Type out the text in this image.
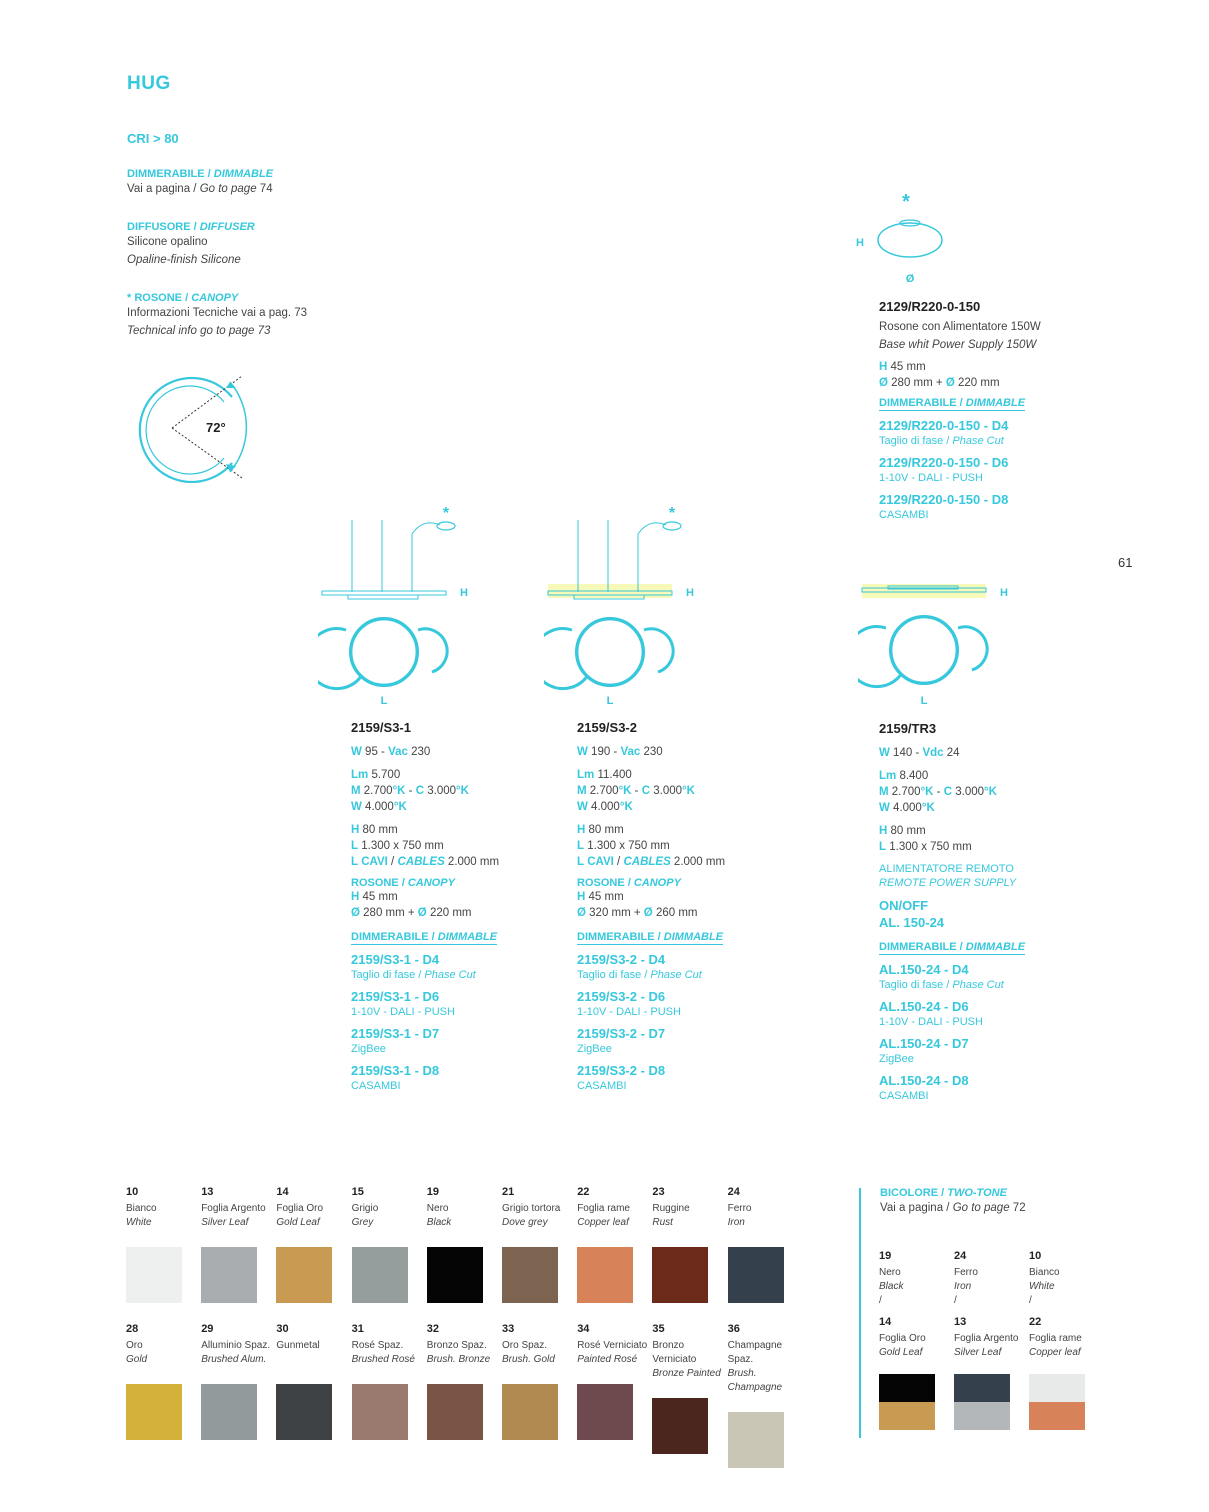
HUG
CRI > 80
DIMMERABILE / DIMMABLE
Vai a pagina / Go to page 74
DIFFUSORE / DIFFUSER
Silicone opalino
Opaline-finish Silicone
* ROSONE / CANOPY
Informazioni Tecniche vai a pag. 73
Technical info go to page 73
72°
*
H
Ø
2129/R220-0-150
Rosone con Alimentatore 150W
Base whit Power Supply 150W
H 45 mm
Ø 280 mm + Ø 220 mm
DIMMERABILE / DIMMABLE
2129/R220-0-150 - D4
Taglio di fase / Phase Cut
2129/R220-0-150 - D6
1-10V - DALI - PUSH
2129/R220-0-150 - D8
CASAMBI
61
*
H
L
*
H
L
H
L
2159/S3-1
W 95 - Vac 230
Lm 5.700
M 2.700°K - C 3.000°K
W 4.000°K
H 80 mm
L 1.300 x 750 mm
L CAVI / CABLES 2.000 mm
ROSONE / CANOPY
H 45 mm
Ø 280 mm + Ø 220 mm
DIMMERABILE / DIMMABLE
2159/S3-1 - D4
Taglio di fase / Phase Cut
2159/S3-1 - D6
1-10V - DALI - PUSH
2159/S3-1 - D7
ZigBee
2159/S3-1 - D8
CASAMBI
2159/S3-2
W 190 - Vac 230
Lm 11.400
M 2.700°K - C 3.000°K
W 4.000°K
H 80 mm
L 1.300 x 750 mm
L CAVI / CABLES 2.000 mm
ROSONE / CANOPY
H 45 mm
Ø 320 mm + Ø 260 mm
DIMMERABILE / DIMMABLE
2159/S3-2 - D4
Taglio di fase / Phase Cut
2159/S3-2 - D6
1-10V - DALI - PUSH
2159/S3-2 - D7
ZigBee
2159/S3-2 - D8
CASAMBI
2159/TR3
W 140 - Vdc 24
Lm 8.400
M 2.700°K - C 3.000°K
W 4.000°K
H 80 mm
L 1.300 x 750 mm
ALIMENTATORE REMOTO
REMOTE POWER SUPPLY
ON/OFF
AL. 150-24
DIMMERABILE / DIMMABLE
AL.150-24 - D4
Taglio di fase / Phase Cut
AL.150-24 - D6
1-10V - DALI - PUSH
AL.150-24 - D7
ZigBee
AL.150-24 - D8
CASAMBI
10
Bianco
White
13
Foglia Argento
Silver Leaf
14
Foglia Oro
Gold Leaf
15
Grigio
Grey
19
Nero
Black
21
Grigio tortora
Dove grey
22
Foglia rame
Copper leaf
23
Ruggine
Rust
24
Ferro
Iron
28
Oro
Gold
29
Alluminio Spaz.
Brushed Alum.
30
Gunmetal

31
Rosé Spaz.
Brushed Rosé
32
Bronzo Spaz.
Brush. Bronze
33
Oro Spaz.
Brush. Gold
34
Rosé Verniciato
Painted Rosé
35
Bronzo Verniciato
Bronze Painted
36
Champagne Spaz.
Brush. Champagne
BICOLORE / TWO-TONE
Vai a pagina / Go to page 72
19
Nero
Black
/
14
Foglia Oro
Gold Leaf
24
Ferro
Iron
/
13
Foglia Argento
Silver Leaf
10
Bianco
White
/
22
Foglia rame
Copper leaf
